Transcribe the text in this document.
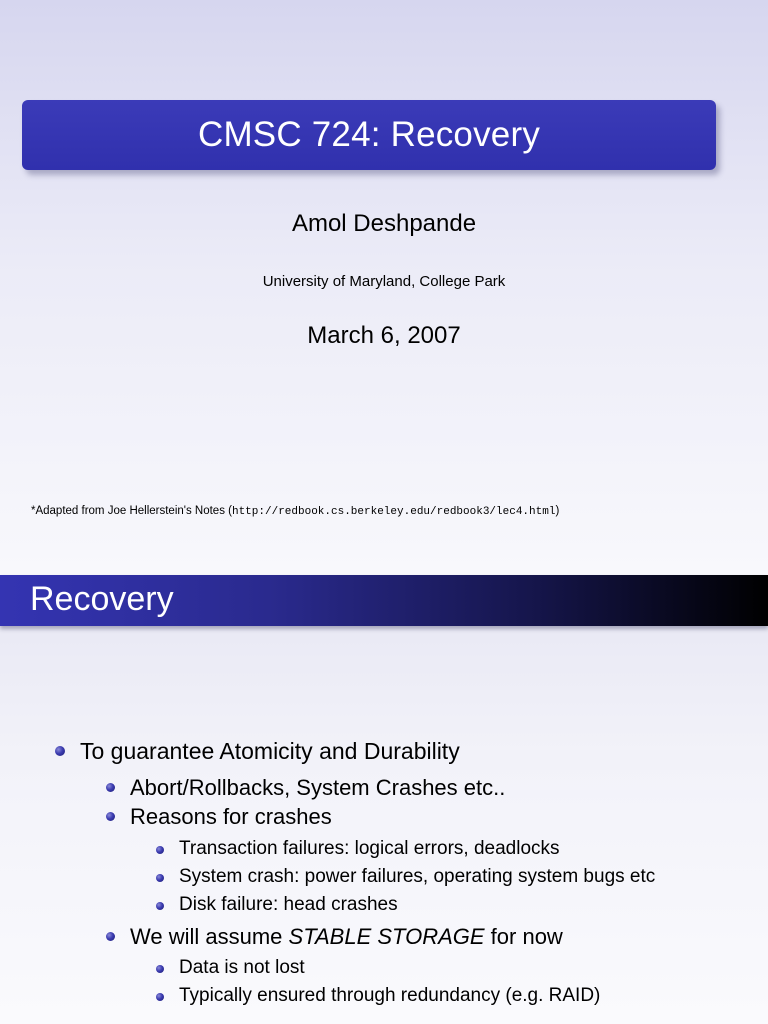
CMSC 724: Recovery
Amol Deshpande
University of Maryland, College Park
March 6, 2007
*Adapted from Joe Hellerstein's Notes (http://redbook.cs.berkeley.edu/redbook3/lec4.html)
Recovery
To guarantee Atomicity and Durability
Abort/Rollbacks, System Crashes etc..
Reasons for crashes
Transaction failures: logical errors, deadlocks
System crash: power failures, operating system bugs etc
Disk failure: head crashes
We will assume STABLE STORAGE for now
Data is not lost
Typically ensured through redundancy (e.g. RAID)
